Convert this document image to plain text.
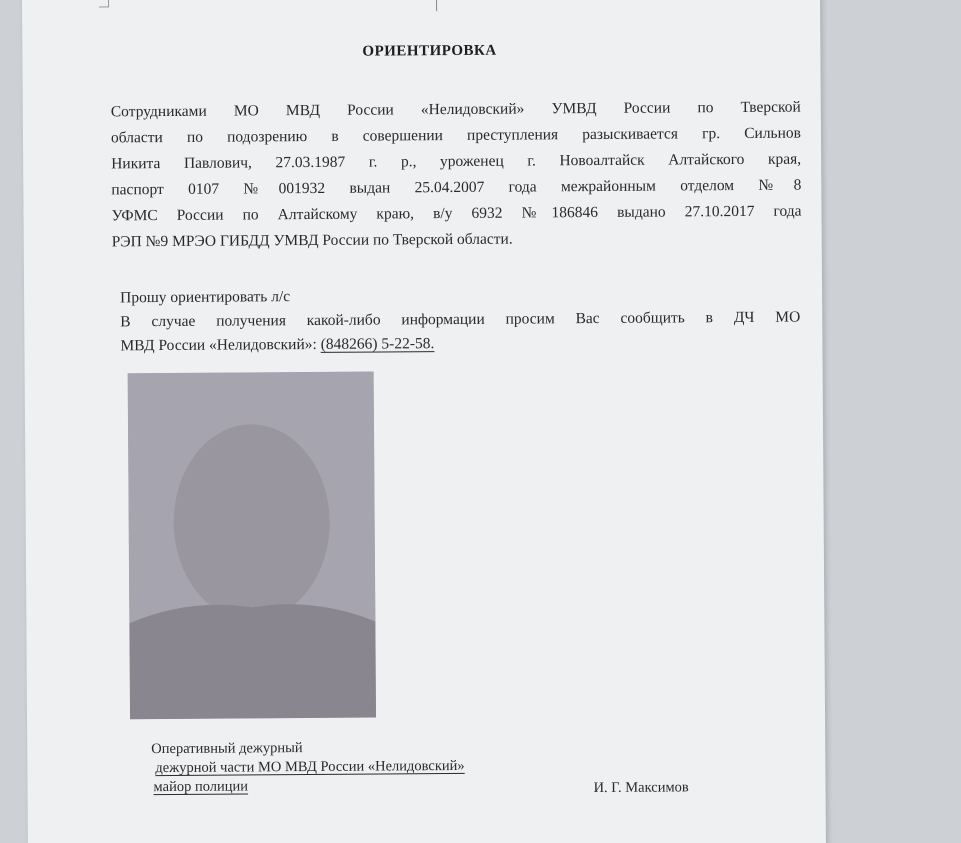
ОРИЕНТИРОВКА
Сотрудниками МО МВД России «Нелидовский» УМВД России по Тверской
области по подозрению в совершении преступления разыскивается гр. Сильнов
Никита Павлович, 27.03.1987 г. р., уроженец г. Новоалтайск Алтайского края,
паспорт 0107 №001932 выдан 25.04.2007 года межрайонным отделом №8
УФМС России по Алтайскому краю, в/у 6932 №186846 выдано 27.10.2017 года
РЭП №9 МРЭО ГИБДД УМВД России по Тверской области.
Прошу ориентировать л/с
В случае получения какой-либо информации просим Вас сообщить в ДЧ МО
МВД России «Нелидовский»: (848266) 5-22-58.
Оперативный дежурный
дежурной части МО МВД России «Нелидовский»
майор полиции	И. Г. Максимов
